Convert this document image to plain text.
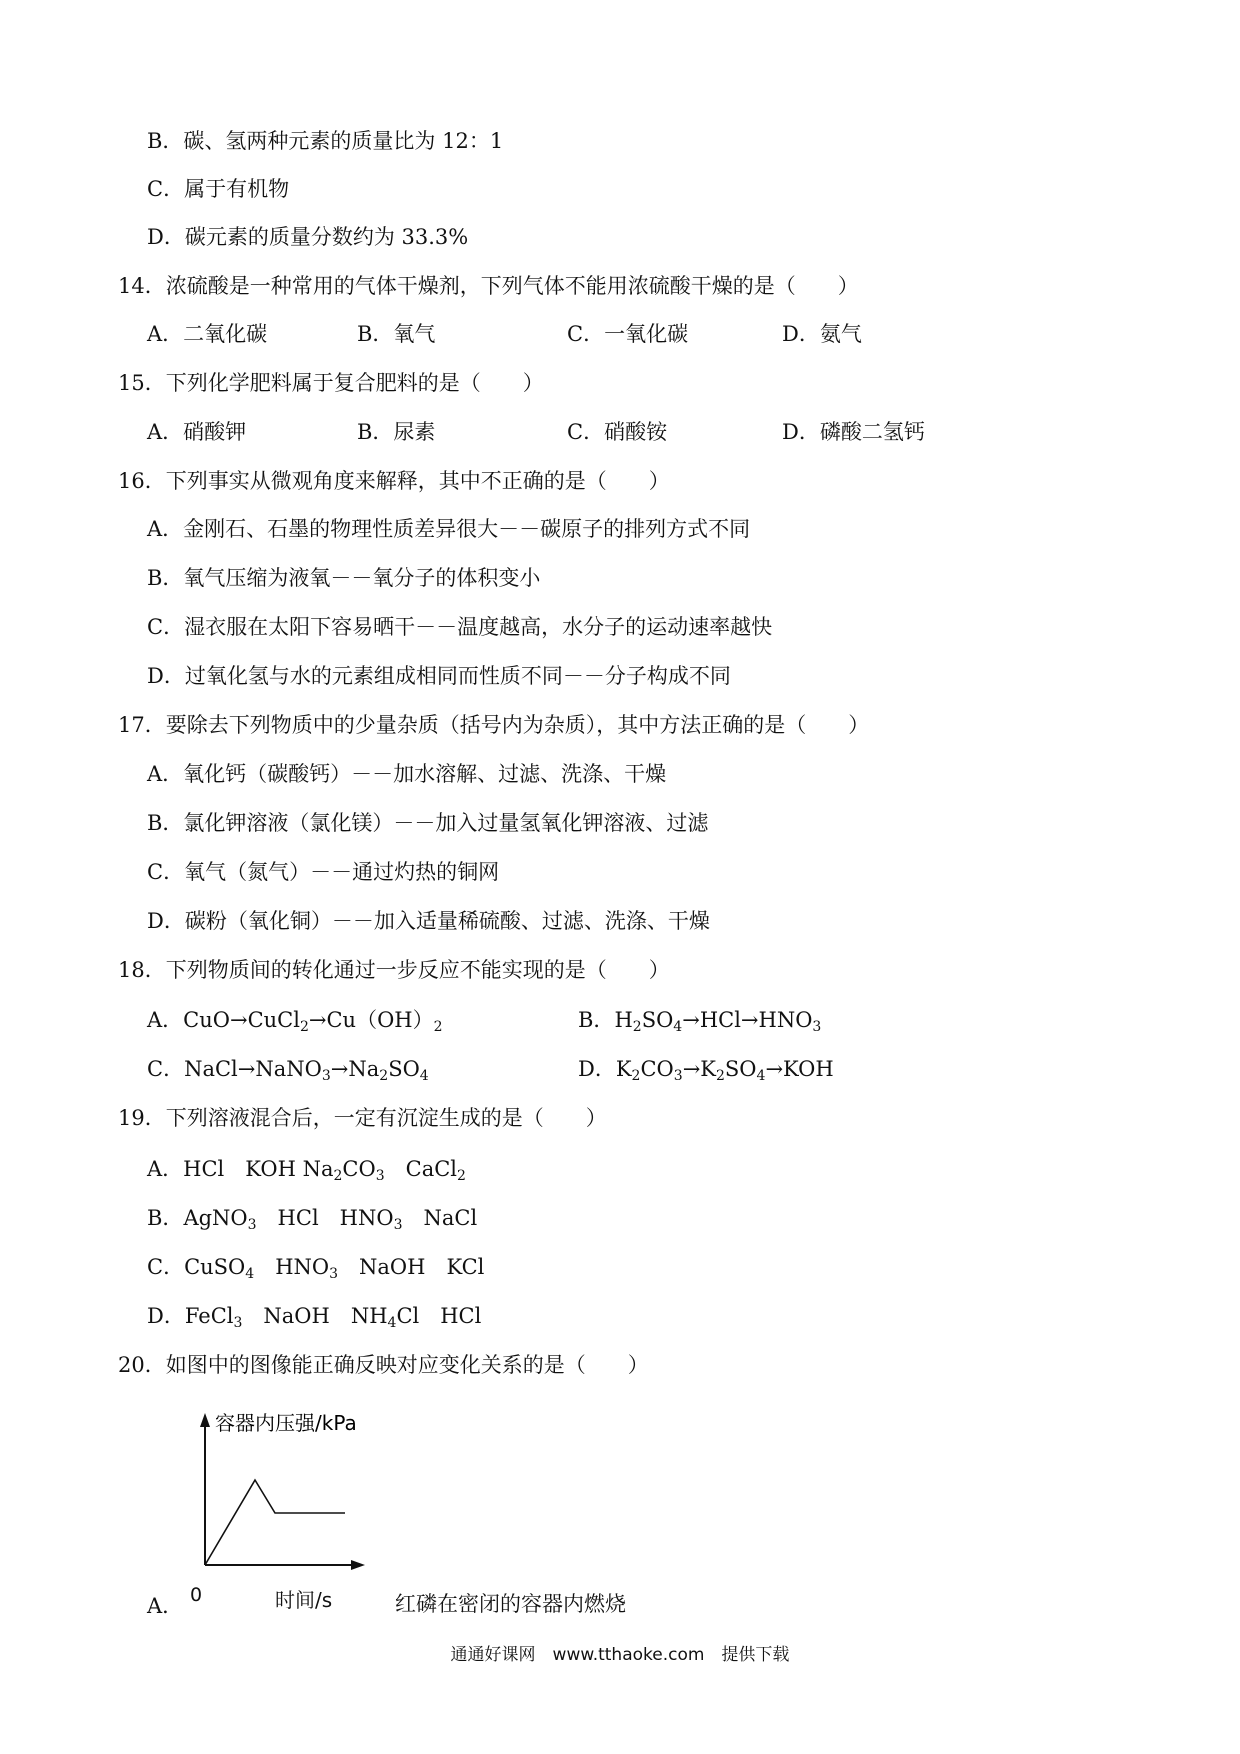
B．碳、氢两种元素的质量比为 12：1
C．属于有机物
D．碳元素的质量分数约为 33.3%
14．浓硫酸是一种常用的气体干燥剂，下列气体不能用浓硫酸干燥的是（　　）
A．二氧化碳	B．氧气	C．一氧化碳	D．氨气
15．下列化学肥料属于复合肥料的是（　　）
A．硝酸钾	B．尿素	C．硝酸铵	D．磷酸二氢钙
16．下列事实从微观角度来解释，其中不正确的是（　　）
A．金刚石、石墨的物理性质差异很大－－碳原子的排列方式不同
B．氧气压缩为液氧－－氧分子的体积变小
C．湿衣服在太阳下容易晒干－－温度越高，水分子的运动速率越快
D．过氧化氢与水的元素组成相同而性质不同－－分子构成不同
17．要除去下列物质中的少量杂质（括号内为杂质），其中方法正确的是（　　）
A．氧化钙（碳酸钙）－－加水溶解、过滤、洗涤、干燥
B．氯化钾溶液（氯化镁）－－加入过量氢氧化钾溶液、过滤
C．氧气（氮气）－－通过灼热的铜网
D．碳粉（氧化铜）－－加入适量稀硫酸、过滤、洗涤、干燥
18．下列物质间的转化通过一步反应不能实现的是（　　）
A．$CuO\to CuCl_2\to Cu(OH)_2$	B．$H_2SO_4\to HCl\to HNO_3$
C．$NaCl\to NaNO_3\to Na_2SO_4$	D．$K_2CO_3\to K_2SO_4\to KOH$
19．下列溶液混合后，一定有沉淀生成的是（　　）
A．HCl　KOH $Na_2CO_3$　CaCl$_2$
B．AgNO$_3$　HCl　$HNO_3$　NaCl
C．CuSO$_4$　$HNO_3$　NaOH　KCl
D．FeCl$_3$　NaOH　$NH_4Cl$　HCl
20．如图中的图像能正确反映对应变化关系的是（　　）
容器内压强/kPa
A． 0	时间/s	红磷在密闭的容器内燃烧
通通好课网　www.tthaoke.com　提供下载
